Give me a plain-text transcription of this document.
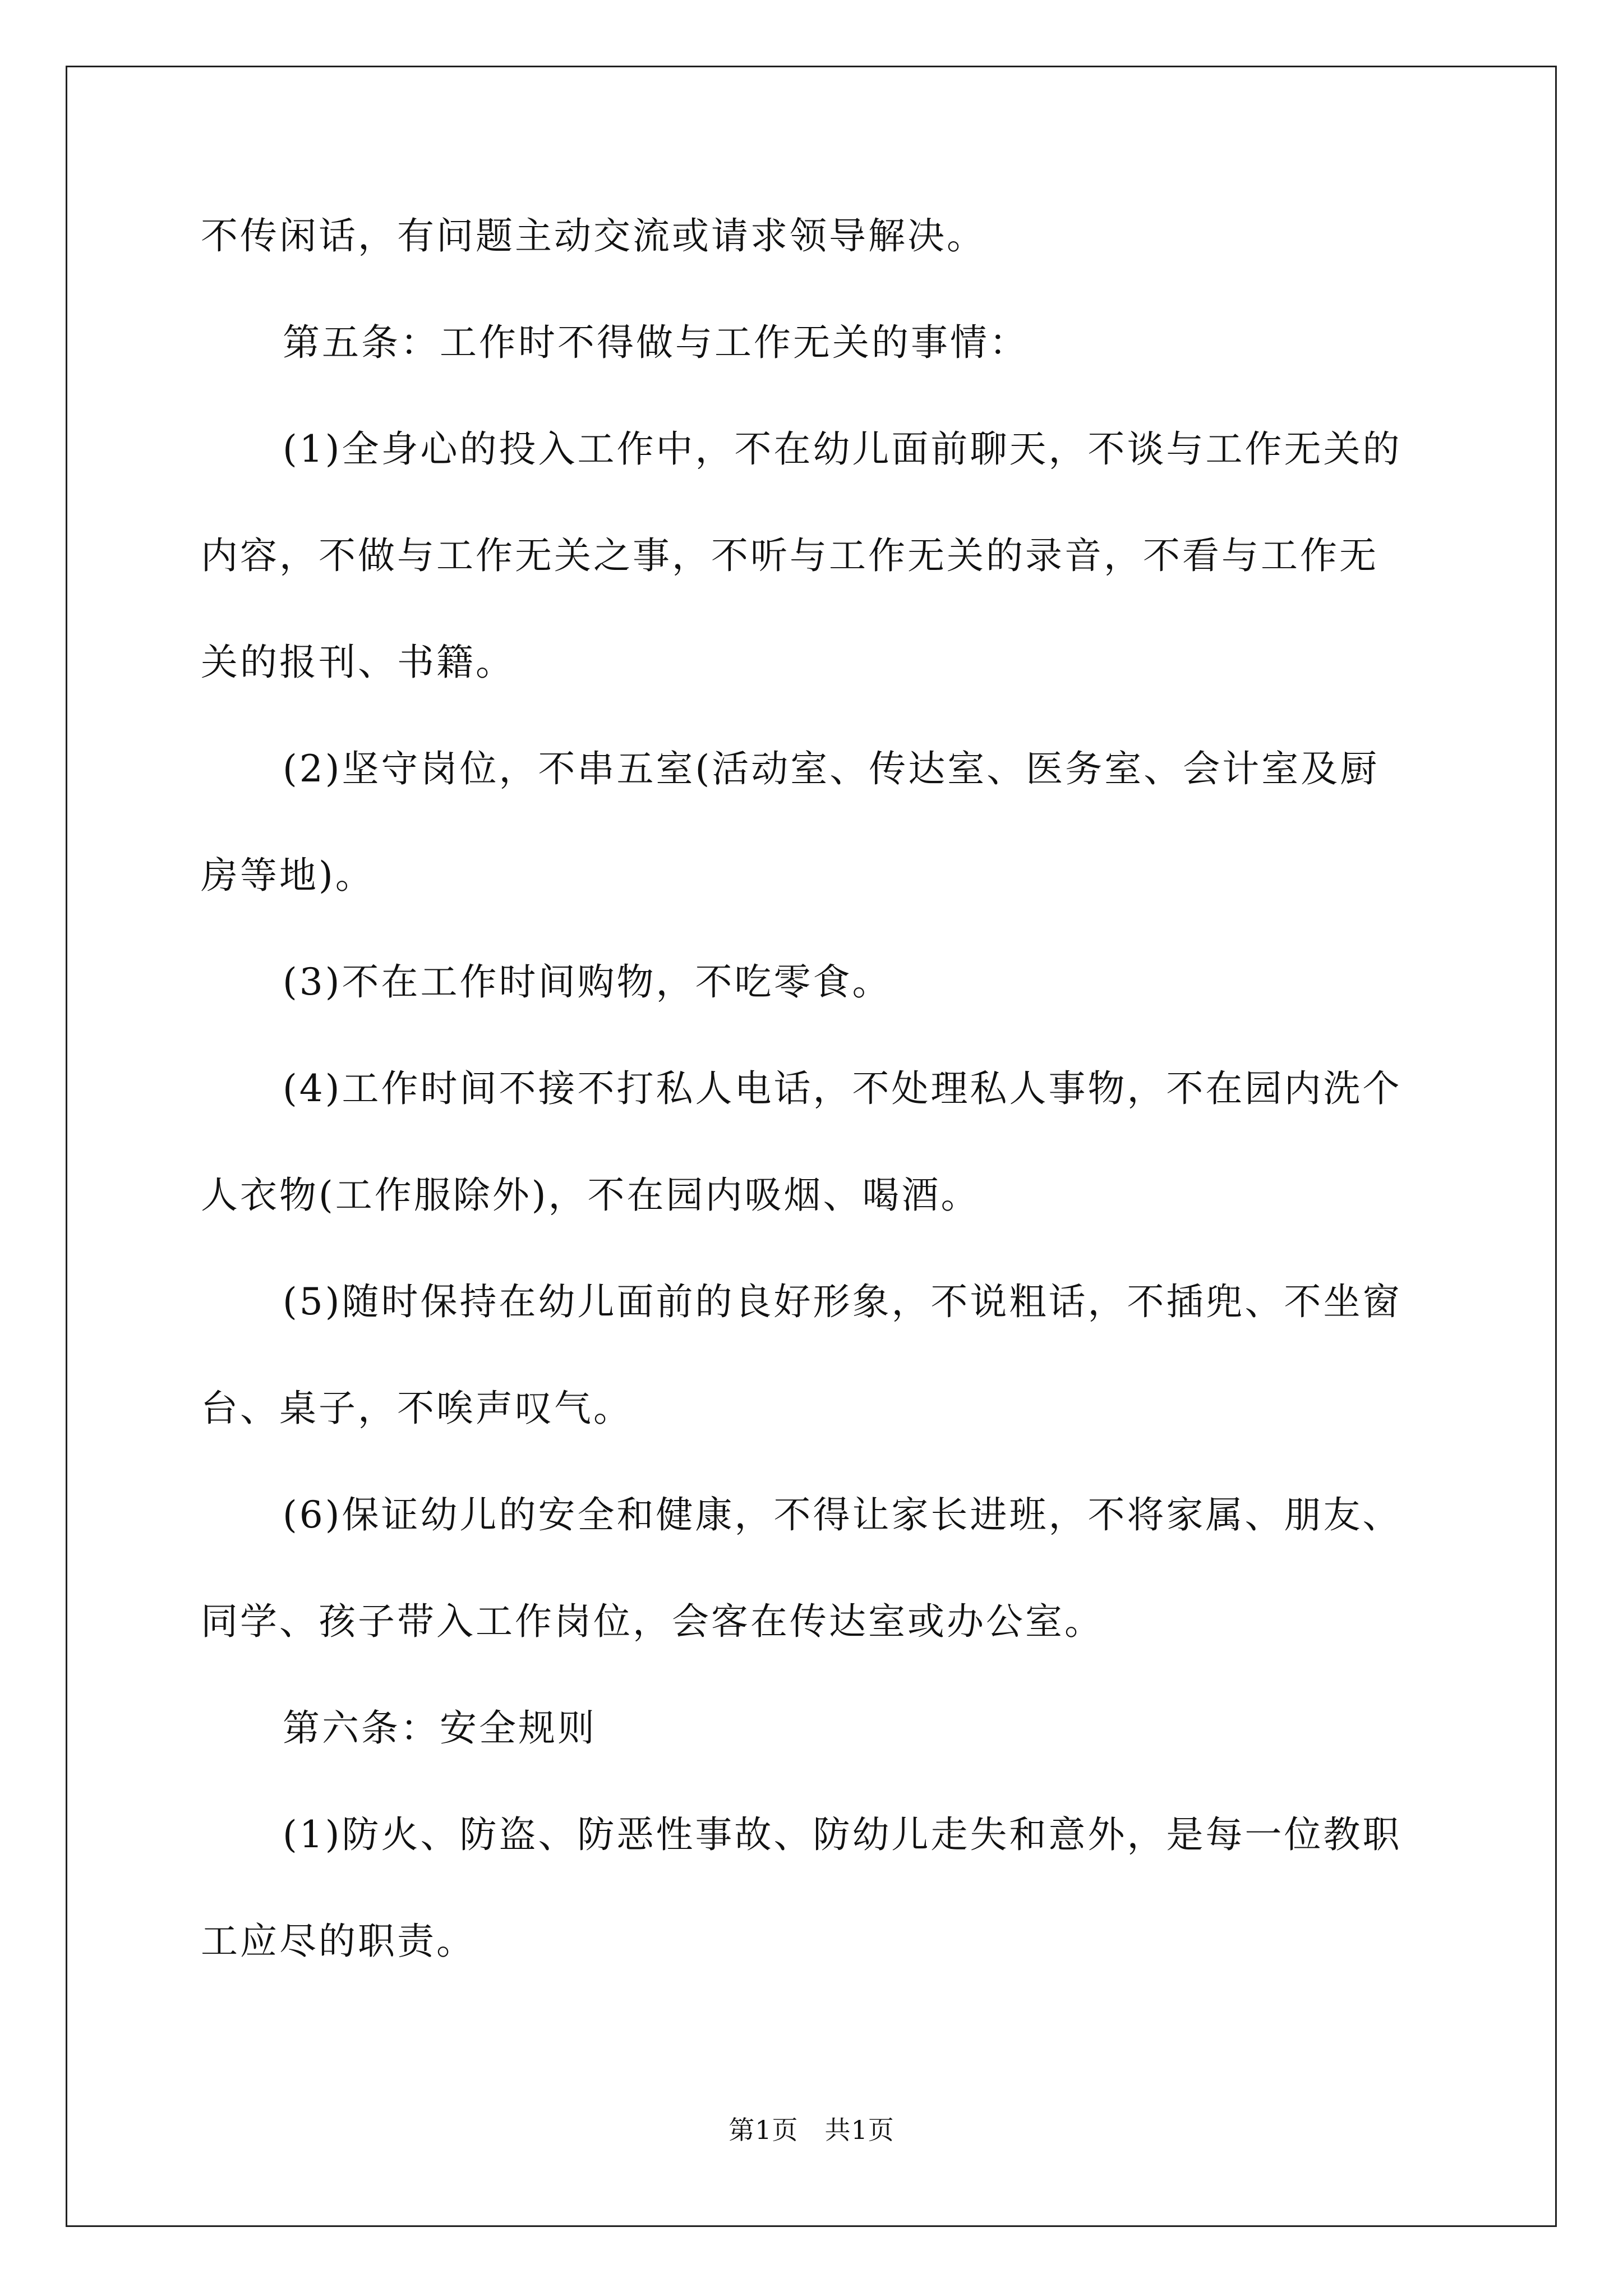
不传闲话，有问题主动交流或请求领导解决。
第五条：工作时不得做与工作无关的事情：
(1)全身心的投入工作中，不在幼儿面前聊天，不谈与工作无关的
内容，不做与工作无关之事，不听与工作无关的录音，不看与工作无
关的报刊、书籍。
(2)坚守岗位，不串五室(活动室、传达室、医务室、会计室及厨
房等地)。
(3)不在工作时间购物，不吃零食。
(4)工作时间不接不打私人电话，不处理私人事物，不在园内洗个
人衣物(工作服除外)，不在园内吸烟、喝酒。
(5)随时保持在幼儿面前的良好形象，不说粗话，不插兜、不坐窗
台、桌子，不唉声叹气。
(6)保证幼儿的安全和健康，不得让家长进班，不将家属、朋友、
同学、孩子带入工作岗位，会客在传达室或办公室。
第六条：安全规则
(1)防火、防盗、防恶性事故、防幼儿走失和意外，是每一位教职
工应尽的职责。
第1页　共1页
